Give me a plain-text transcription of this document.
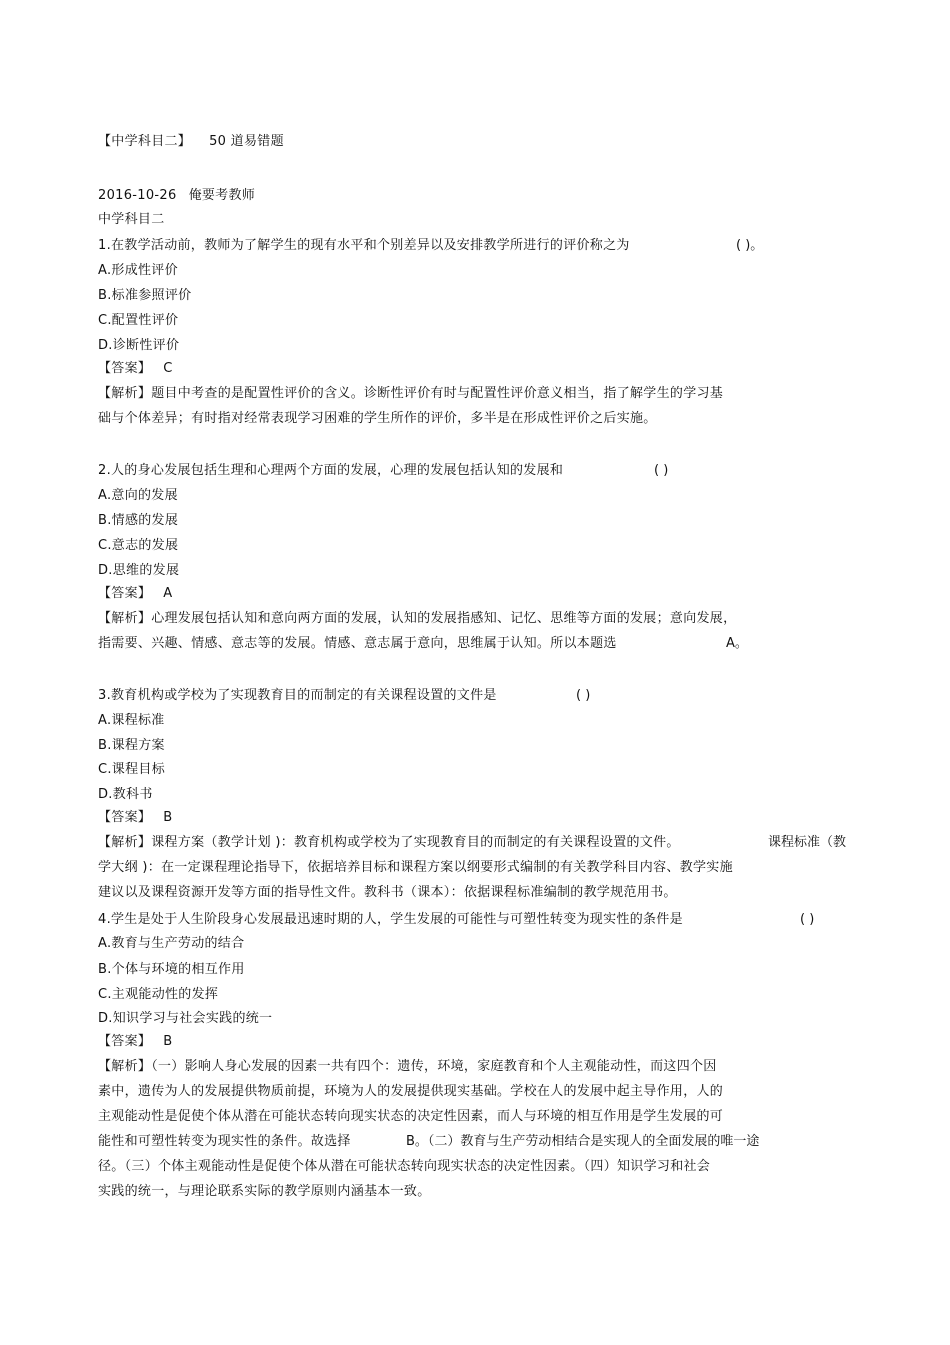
【中学科目二】 50 道易错题
2016-10-26 俺要考教师
中学科目二
1.在教学活动前，教师为了解学生的现有水平和个别差异以及安排教学所进行的评价称之为	( )。
A.形成性评价
B.标准参照评价
C.配置性评价
D.诊断性评价
【答案】 C
【解析】题目中考查的是配置性评价的含义。诊断性评价有时与配置性评价意义相当，指了解学生的学习基
础与个体差异；有时指对经常表现学习困难的学生所作的评价，多半是在形成性评价之后实施。
2.人的身心发展包括生理和心理两个方面的发展，心理的发展包括认知的发展和	( )
A.意向的发展
B.情感的发展
C.意志的发展
D.思维的发展
【答案】 A
【解析】心理发展包括认知和意向两方面的发展，认知的发展指感知、记忆、思维等方面的发展；意向发展，
指需要、兴趣、情感、意志等的发展。情感、意志属于意向，思维属于认知。所以本题选	A。
3.教育机构或学校为了实现教育目的而制定的有关课程设置的文件是	( )
A.课程标准
B.课程方案
C.课程目标
D.教科书
【答案】 B
【解析】课程方案（教学计划 )：教育机构或学校为了实现教育目的而制定的有关课程设置的文件。	课程标准（教
学大纲 )：在一定课程理论指导下，依据培养目标和课程方案以纲要形式编制的有关教学科目内容、教学实施
建议以及课程资源开发等方面的指导性文件。教科书（课本）：依据课程标准编制的教学规范用书。
4.学生是处于人生阶段身心发展最迅速时期的人，学生发展的可能性与可塑性转变为现实性的条件是	( )
A.教育与生产劳动的结合
B.个体与环境的相互作用
C.主观能动性的发挥
D.知识学习与社会实践的统一
【答案】 B
【解析】（一）影响人身心发展的因素一共有四个：遗传，环境，家庭教育和个人主观能动性，而这四个因
素中，遗传为人的发展提供物质前提，环境为人的发展提供现实基础。学校在人的发展中起主导作用，人的
主观能动性是促使个体从潜在可能状态转向现实状态的决定性因素，而人与环境的相互作用是学生发展的可
能性和可塑性转变为现实性的条件。故选择	B。（二）教育与生产劳动相结合是实现人的全面发展的唯一途
径。（三）个体主观能动性是促使个体从潜在可能状态转向现实状态的决定性因素。（四）知识学习和社会
实践的统一，与理论联系实际的教学原则内涵基本一致。
